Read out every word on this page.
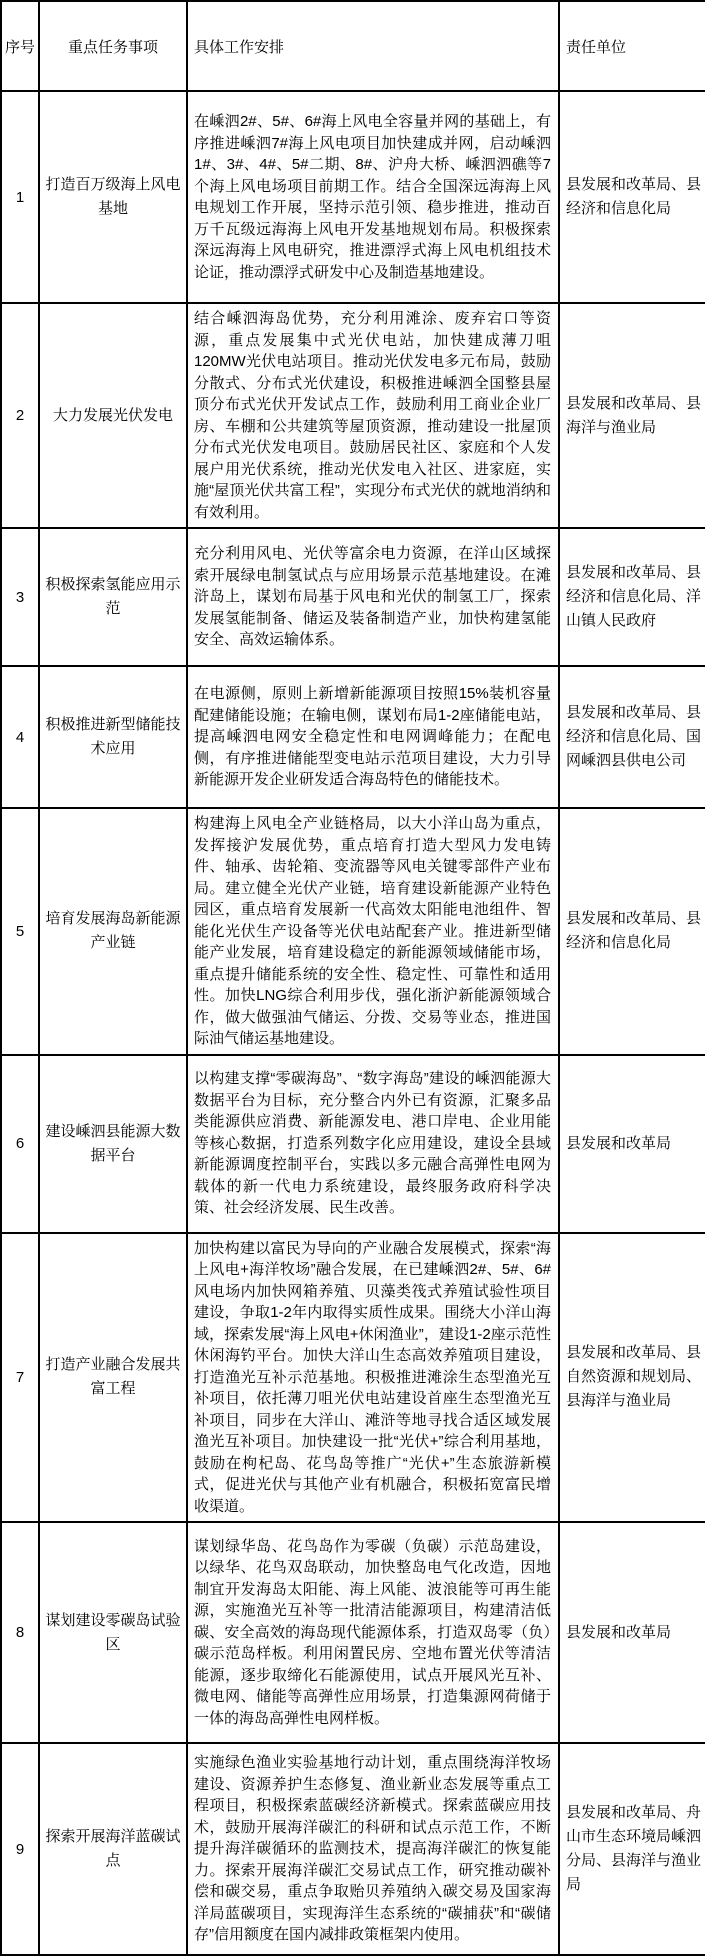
序号	重点任务事项	具体工作安排	责任单位
1	打造百万级海上风电基地	在嵊泗2#、5#、6#海上风电全容量并网的基础上，有序推进嵊泗7#海上风电项目加快建成并网，启动嵊泗1#、3#、4#、5#二期、8#、沪舟大桥、嵊泗泗礁等7个海上风电场项目前期工作。结合全国深远海海上风电规划工作开展，坚持示范引领、稳步推进，推动百万千瓦级远海海上风电开发基地规划布局。积极探索深远海海上风电研究，推进漂浮式海上风电机组技术论证，推动漂浮式研发中心及制造基地建设。	县发展和改革局、县经济和信息化局
2	大力发展光伏发电	结合嵊泗海岛优势，充分利用滩涂、废弃宕口等资源，重点发展集中式光伏电站，加快建成薄刀咀120MW光伏电站项目。推动光伏发电多元布局，鼓励分散式、分布式光伏建设，积极推进嵊泗全国整县屋顶分布式光伏开发试点工作，鼓励利用工商业企业厂房、车棚和公共建筑等屋顶资源，推动建设一批屋顶分布式光伏发电项目。鼓励居民社区、家庭和个人发展户用光伏系统，推动光伏发电入社区、进家庭，实施“屋顶光伏共富工程”，实现分布式光伏的就地消纳和有效利用。	县发展和改革局、县海洋与渔业局
3	积极探索氢能应用示范	充分利用风电、光伏等富余电力资源，在洋山区域探索开展绿电制氢试点与应用场景示范基地建设。在滩浒岛上，谋划布局基于风电和光伏的制氢工厂，探索发展氢能制备、储运及装备制造产业，加快构建氢能安全、高效运输体系。	县发展和改革局、县经济和信息化局、洋山镇人民政府
4	积极推进新型储能技术应用	在电源侧，原则上新增新能源项目按照15%装机容量配建储能设施；在输电侧，谋划布局1-2座储能电站，提高嵊泗电网安全稳定性和电网调峰能力；在配电侧，有序推进储能型变电站示范项目建设，大力引导新能源开发企业研发适合海岛特色的储能技术。	县发展和改革局、县经济和信息化局、国网嵊泗县供电公司
5	培育发展海岛新能源产业链	构建海上风电全产业链格局，以大小洋山岛为重点，发挥接沪发展优势，重点培育打造大型风力发电铸件、轴承、齿轮箱、变流器等风电关键零部件产业布局。建立健全光伏产业链，培育建设新能源产业特色园区，重点培育发展新一代高效太阳能电池组件、智能化光伏生产设备等光伏电站配套产业。推进新型储能产业发展，培育建设稳定的新能源领域储能市场，重点提升储能系统的安全性、稳定性、可靠性和适用性。加快LNG综合利用步伐，强化浙沪新能源领域合作，做大做强油气储运、分拨、交易等业态，推进国际油气储运基地建设。	县发展和改革局、县经济和信息化局
6	建设嵊泗县能源大数据平台	以构建支撑“零碳海岛”、“数字海岛”建设的嵊泗能源大数据平台为目标，充分整合内外已有资源，汇聚多品类能源供应消费、新能源发电、港口岸电、企业用能等核心数据，打造系列数字化应用建设，建设全县域新能源调度控制平台，实践以多元融合高弹性电网为载体的新一代电力系统建设，最终服务政府科学决策、社会经济发展、民生改善。	县发展和改革局
7	打造产业融合发展共富工程	加快构建以富民为导向的产业融合发展模式，探索“海上风电+海洋牧场”融合发展，在已建嵊泗2#、5#、6#风电场内加快网箱养殖、贝藻类筏式养殖试验性项目建设，争取1-2年内取得实质性成果。围绕大小洋山海域，探索发展“海上风电+休闲渔业”，建设1-2座示范性休闲海钓平台。加快大洋山生态高效养殖项目建设，打造渔光互补示范基地。积极推进滩涂生态型渔光互补项目，依托薄刀咀光伏电站建设首座生态型渔光互补项目，同步在大洋山、滩浒等地寻找合适区域发展渔光互补项目。加快建设一批“光伏+”综合利用基地，鼓励在枸杞岛、花鸟岛等推广“光伏+”生态旅游新模式，促进光伏与其他产业有机融合，积极拓宽富民增收渠道。	县发展和改革局、县自然资源和规划局、县海洋与渔业局
8	谋划建设零碳岛试验区	谋划绿华岛、花鸟岛作为零碳（负碳）示范岛建设，以绿华、花鸟双岛联动，加快整岛电气化改造，因地制宜开发海岛太阳能、海上风能、波浪能等可再生能源，实施渔光互补等一批清洁能源项目，构建清洁低碳、安全高效的海岛现代能源体系，打造双岛零（负）碳示范岛样板。利用闲置民房、空地布置光伏等清洁能源，逐步取缔化石能源使用，试点开展风光互补、微电网、储能等高弹性应用场景，打造集源网荷储于一体的海岛高弹性电网样板。	县发展和改革局
9	探索开展海洋蓝碳试点	实施绿色渔业实验基地行动计划，重点围绕海洋牧场建设、资源养护生态修复、渔业新业态发展等重点工程项目，积极探索蓝碳经济新模式。探索蓝碳应用技术，鼓励开展海洋碳汇的科研和试点示范工作，不断提升海洋碳循环的监测技术，提高海洋碳汇的恢复能力。探索开展海洋碳汇交易试点工作，研究推动碳补偿和碳交易，重点争取贻贝养殖纳入碳交易及国家海洋局蓝碳项目，实现海洋生态系统的“碳捕获”和“碳储存”信用额度在国内减排政策框架内使用。	县发展和改革局、舟山市生态环境局嵊泗分局、县海洋与渔业局
